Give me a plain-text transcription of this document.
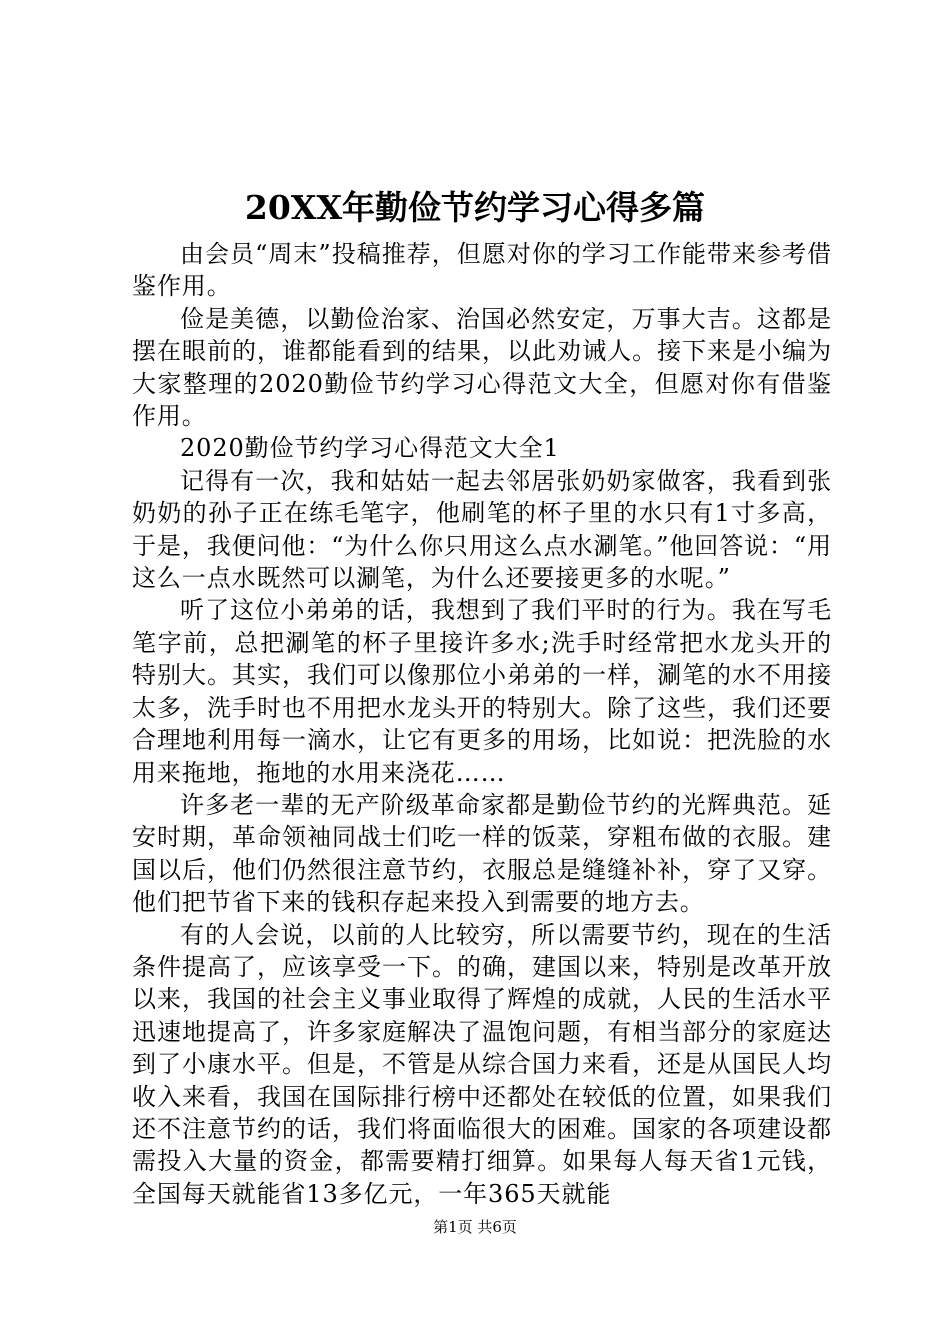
20XX年勤俭节约学习心得多篇

由会员“周末”投稿推荐，但愿对你的学习工作能带来参考借鉴作用。

俭是美德，以勤俭治家、治国必然安定，万事大吉。这都是摆在眼前的，谁都能看到的结果，以此劝诫人。接下来是小编为大家整理的2020勤俭节约学习心得范文大全，但愿对你有借鉴作用。

2020勤俭节约学习心得范文大全1

记得有一次，我和姑姑一起去邻居张奶奶家做客，我看到张奶奶的孙子正在练毛笔字，他刷笔的杯子里的水只有1寸多高，于是，我便问他：“为什么你只用这么点水涮笔。”他回答说：“用这么一点水既然可以涮笔，为什么还要接更多的水呢。”

听了这位小弟弟的话，我想到了我们平时的行为。我在写毛笔字前，总把涮笔的杯子里接许多水;洗手时经常把水龙头开的特别大。其实，我们可以像那位小弟弟的一样，涮笔的水不用接太多，洗手时也不用把水龙头开的特别大。除了这些，我们还要合理地利用每一滴水，让它有更多的用场，比如说：把洗脸的水用来拖地，拖地的水用来浇花……

许多老一辈的无产阶级革命家都是勤俭节约的光辉典范。延安时期，革命领袖同战士们吃一样的饭菜，穿粗布做的衣服。建国以后，他们仍然很注意节约，衣服总是缝缝补补，穿了又穿。他们把节省下来的钱积存起来投入到需要的地方去。

有的人会说，以前的人比较穷，所以需要节约，现在的生活条件提高了，应该享受一下。的确，建国以来，特别是改革开放以来，我国的社会主义事业取得了辉煌的成就，人民的生活水平迅速地提高了，许多家庭解决了温饱问题，有相当部分的家庭达到了小康水平。但是，不管是从综合国力来看，还是从国民人均收入来看，我国在国际排行榜中还都处在较低的位置，如果我们还不注意节约的话，我们将面临很大的困难。国家的各项建设都需投入大量的资金，都需要精打细算。如果每人每天省1元钱，全国每天就能省13多亿元，一年365天就能

第1页 共6页
